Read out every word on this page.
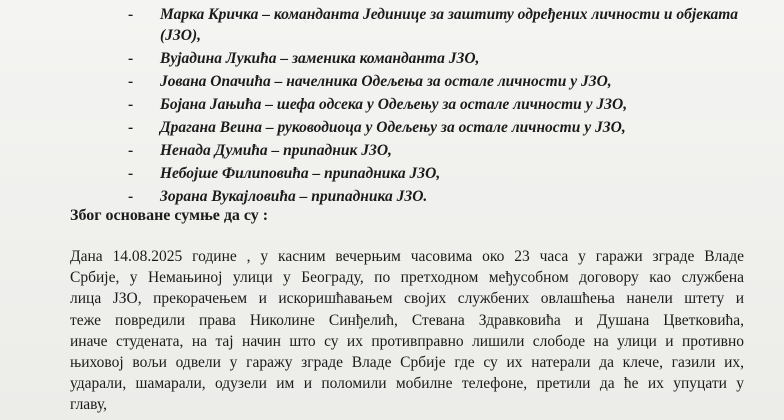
- Марка Кричка – команданта Јединице за заштиту одређених личности и објеката (ЈЗО),
- Вујадина Лукића – заменика команданта ЈЗО,
- Јована Опачића – начелника Одељења за остале личности у ЈЗО,
- Бојана Јањића – шефа одсека у Одељењу за остале личности у ЈЗО,
- Драгана Веина – руководиоца у Одељењу за остале личности у ЈЗО,
- Ненада Думића – припадник ЈЗО,
- Небојше Филиповића – припадника ЈЗО,
- Зорана Вукајловића – припадника ЈЗО.
Због основане сумње да су :
Дана 14.08.2025 године , у касним вечерњим часовима око 23 часа у гаражи зграде Владе
Србије, у Немањиној улици у Београду, по претходном међусобном договору као службена
лица ЈЗО, прекорачењем и искоришћавањем својих службених овлашћења нанели штету и
теже повредили права Николине Синђелић, Стевана Здравковића и Душана Цветковића,
иначе студената, на тај начин што су их противправно лишили слободе на улици и противно
њиховој вољи одвели у гаражу зграде Владе Србије где су их натерали да клече, газили их,
ударали, шамарали, одузели им и поломили мобилне телефоне, претили да ће их упуцати у
главу,
